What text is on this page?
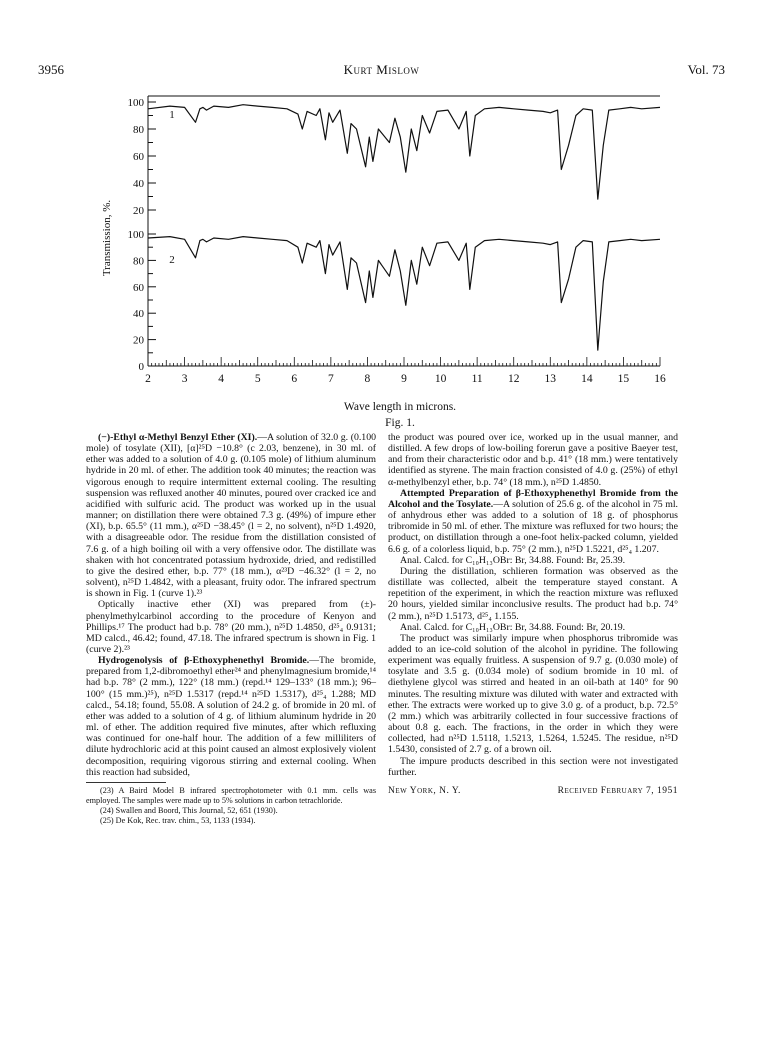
3956	Kurt Mislow	Vol. 73
100
80
60
40
20
100
80
60
40
20
0
2	3	4	5	6	7	8	9 10 11 12 13 14 15 16
Transmission, %.
1
2
Wave length in microns.
Fig. 1.

(−)-Ethyl α-Methyl Benzyl Ether (XI).—A solution of 32.0 g. (0.100 mole) of tosylate (XII), [α]²⁵D −10.8° (c 2.03, benzene), in 30 ml. of ether was added to a solution of 4.0 g. (0.105 mole) of lithium aluminum hydride in 20 ml. of ether. The addition took 40 minutes; the reaction was vigorous enough to require intermittent external cooling. The resulting suspension was refluxed another 40 minutes, poured over cracked ice and acidified with sulfuric acid. The product was worked up in the usual manner; on distillation there were obtained 7.3 g. (49%) of impure ether (XI), b.p. 65.5° (11 mm.), α²⁵D −38.45° (l = 2, no solvent), n²⁵D 1.4920, with a disagreeable odor. The residue from the distillation consisted of 7.6 g. of a high boiling oil with a very offensive odor. The distillate was shaken with hot concentrated potassium hydroxide, dried, and redistilled to give the desired ether, b.p. 77° (18 mm.), α²³D −46.32° (l = 2, no solvent), n²⁵D 1.4842, with a pleasant, fruity odor. The infrared spectrum is shown in Fig. 1 (curve 1).²³

Optically inactive ether (XI) was prepared from (±)-phenylmethylcarbinol according to the procedure of Kenyon and Phillips.¹⁷ The product had b.p. 78° (20 mm.), n²⁵D 1.4850, d²⁵₄ 0.9131; MD calcd., 46.42; found, 47.18. The infrared spectrum is shown in Fig. 1 (curve 2).²³

Hydrogenolysis of β-Ethoxyphenethyl Bromide.—The bromide, prepared from 1,2-dibromoethyl ether²⁴ and phenylmagnesium bromide,¹⁴ had b.p. 78° (2 mm.), 122° (18 mm.) (repd.¹⁴ 129–133° (18 mm.); 96–100° (15 mm.)²⁵), n²⁵D 1.5317 (repd.¹⁴ n²⁵D 1.5317), d²⁵₄ 1.288; MD calcd., 54.18; found, 55.08. A solution of 24.2 g. of bromide in 20 ml. of ether was added to a solution of 4 g. of lithium aluminum hydride in 20 ml. of ether. The addition required five minutes, after which refluxing was continued for one-half hour. The addition of a few milliliters of dilute hydrochloric acid at this point caused an almost explosively violent decomposition, requiring vigorous stirring and external cooling. When this reaction had subsided,

(23) A Baird Model B infrared spectrophotometer with 0.1 mm. cells was employed. The samples were made up to 5% solutions in carbon tetrachloride.

(24) Swallen and Boord, This Journal, 52, 651 (1930).

(25) De Kok, Rec. trav. chim., 53, 1133 (1934).

the product was poured over ice, worked up in the usual manner, and distilled. A few drops of low-boiling forerun gave a positive Baeyer test, and from their characteristic odor and b.p. 41° (18 mm.) were tentatively identified as styrene. The main fraction consisted of 4.0 g. (25%) of ethyl α-methylbenzyl ether, b.p. 74° (18 mm.), n²⁵D 1.4850.

Attempted Preparation of β-Ethoxyphenethyl Bromide from the Alcohol and the Tosylate.—A solution of 25.6 g. of the alcohol in 75 ml. of anhydrous ether was added to a solution of 18 g. of phosphorus tribromide in 50 ml. of ether. The mixture was refluxed for two hours; the product, on distillation through a one-foot helix-packed column, yielded 6.6 g. of a colorless liquid, b.p. 75° (2 mm.), n²⁵D 1.5221, d²⁵₄ 1.207.

Anal. Calcd. for C₁₀H₁₃OBr: Br, 34.88. Found: Br, 25.39.

During the distillation, schlieren formation was observed as the distillate was collected, albeit the temperature stayed constant. A repetition of the experiment, in which the reaction mixture was refluxed 20 hours, yielded similar inconclusive results. The product had b.p. 74° (2 mm.), n²⁵D 1.5173, d²⁵₄ 1.155.

Anal. Calcd. for C₁₀H₁₃OBr: Br, 34.88. Found: Br, 20.19.

The product was similarly impure when phosphorus tribromide was added to an ice-cold solution of the alcohol in pyridine. The following experiment was equally fruitless. A suspension of 9.7 g. (0.030 mole) of tosylate and 3.5 g. (0.034 mole) of sodium bromide in 10 ml. of diethylene glycol was stirred and heated in an oil-bath at 140° for 90 minutes. The resulting mixture was diluted with water and extracted with ether. The extracts were worked up to give 3.0 g. of a product, b.p. 72.5° (2 mm.) which was arbitrarily collected in four successive fractions of about 0.8 g. each. The fractions, in the order in which they were collected, had n²⁵D 1.5118, 1.5213, 1.5264, 1.5245. The residue, n²⁵D 1.5430, consisted of 2.7 g. of a brown oil.

The impure products described in this section were not investigated further.

New York, N. Y.	Received February 7, 1951
